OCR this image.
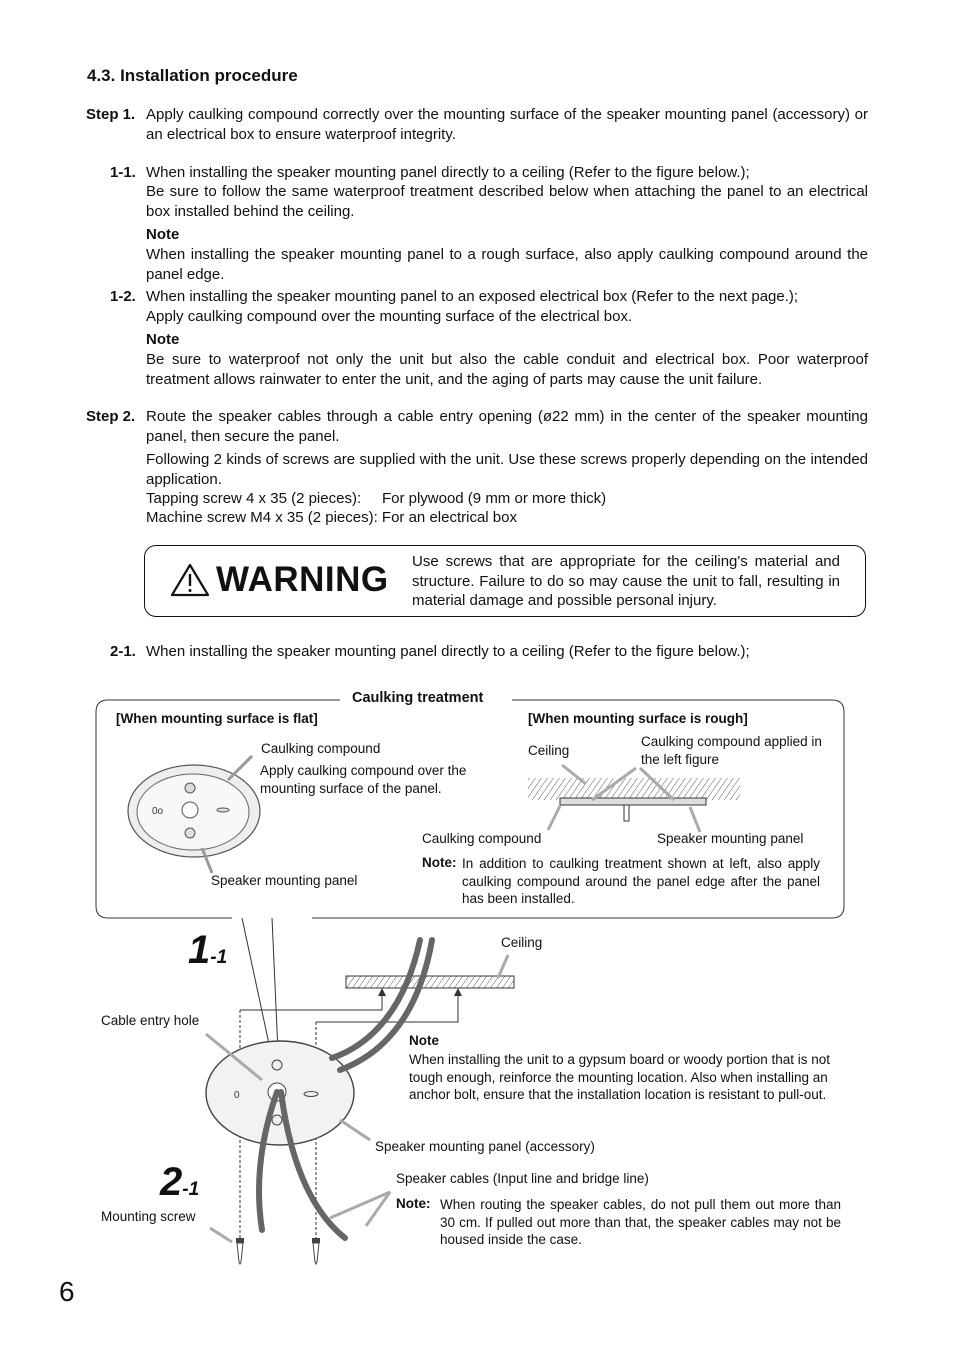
4.3. Installation procedure
Step 1. Apply caulking compound correctly over the mounting surface of the speaker mounting panel (accessory) or an electrical box to ensure waterproof integrity.
1-1. When installing the speaker mounting panel directly to a ceiling (Refer to the figure below.);
Be sure to follow the same waterproof treatment described below when attaching the panel to an electrical box installed behind the ceiling.
Note
When installing the speaker mounting panel to a rough surface, also apply caulking compound around the panel edge.
1-2. When installing the speaker mounting panel to an exposed electrical box (Refer to the next page.);
Apply caulking compound over the mounting surface of the electrical box.
Note
Be sure to waterproof not only the unit but also the cable conduit and electrical box. Poor waterproof treatment allows rainwater to enter the unit, and the aging of parts may cause the unit failure.
Step 2. Route the speaker cables through a cable entry opening (ø22 mm) in the center of the speaker mounting panel, then secure the panel.
Following 2 kinds of screws are supplied with the unit. Use these screws properly depending on the intended application.
Tapping screw 4 x 35 (2 pieces):     For plywood (9 mm or more thick)
Machine screw M4 x 35 (2 pieces): For an electrical box
WARNING Use screws that are appropriate for the ceiling's material and structure. Failure to do so may cause the unit to fall, resulting in material damage and possible personal injury.
2-1. When installing the speaker mounting panel directly to a ceiling (Refer to the figure below.);
0o
0
Caulking treatment
[When mounting surface is flat]	[When mounting surface is rough]
Caulking compound
Apply caulking compound over the mounting surface of the panel.
Speaker mounting panel
Ceiling
Caulking compound applied in the left figure
Caulking compound	Speaker mounting panel
Note: In addition to caulking treatment shown at left, also apply caulking compound around the panel edge after the panel has been installed.
1-1
2-1
Ceiling
Cable entry hole
Note
When installing the unit to a gypsum board or woody portion that is not tough enough, reinforce the mounting location. Also when installing an anchor bolt, ensure that the installation location is resistant to pull-out.
Speaker mounting panel (accessory)
Speaker cables (Input line and bridge line)
Note: When routing the speaker cables, do not pull them out more than 30 cm. If pulled out more than that, the speaker cables may not be housed inside the case.
Mounting screw
6
